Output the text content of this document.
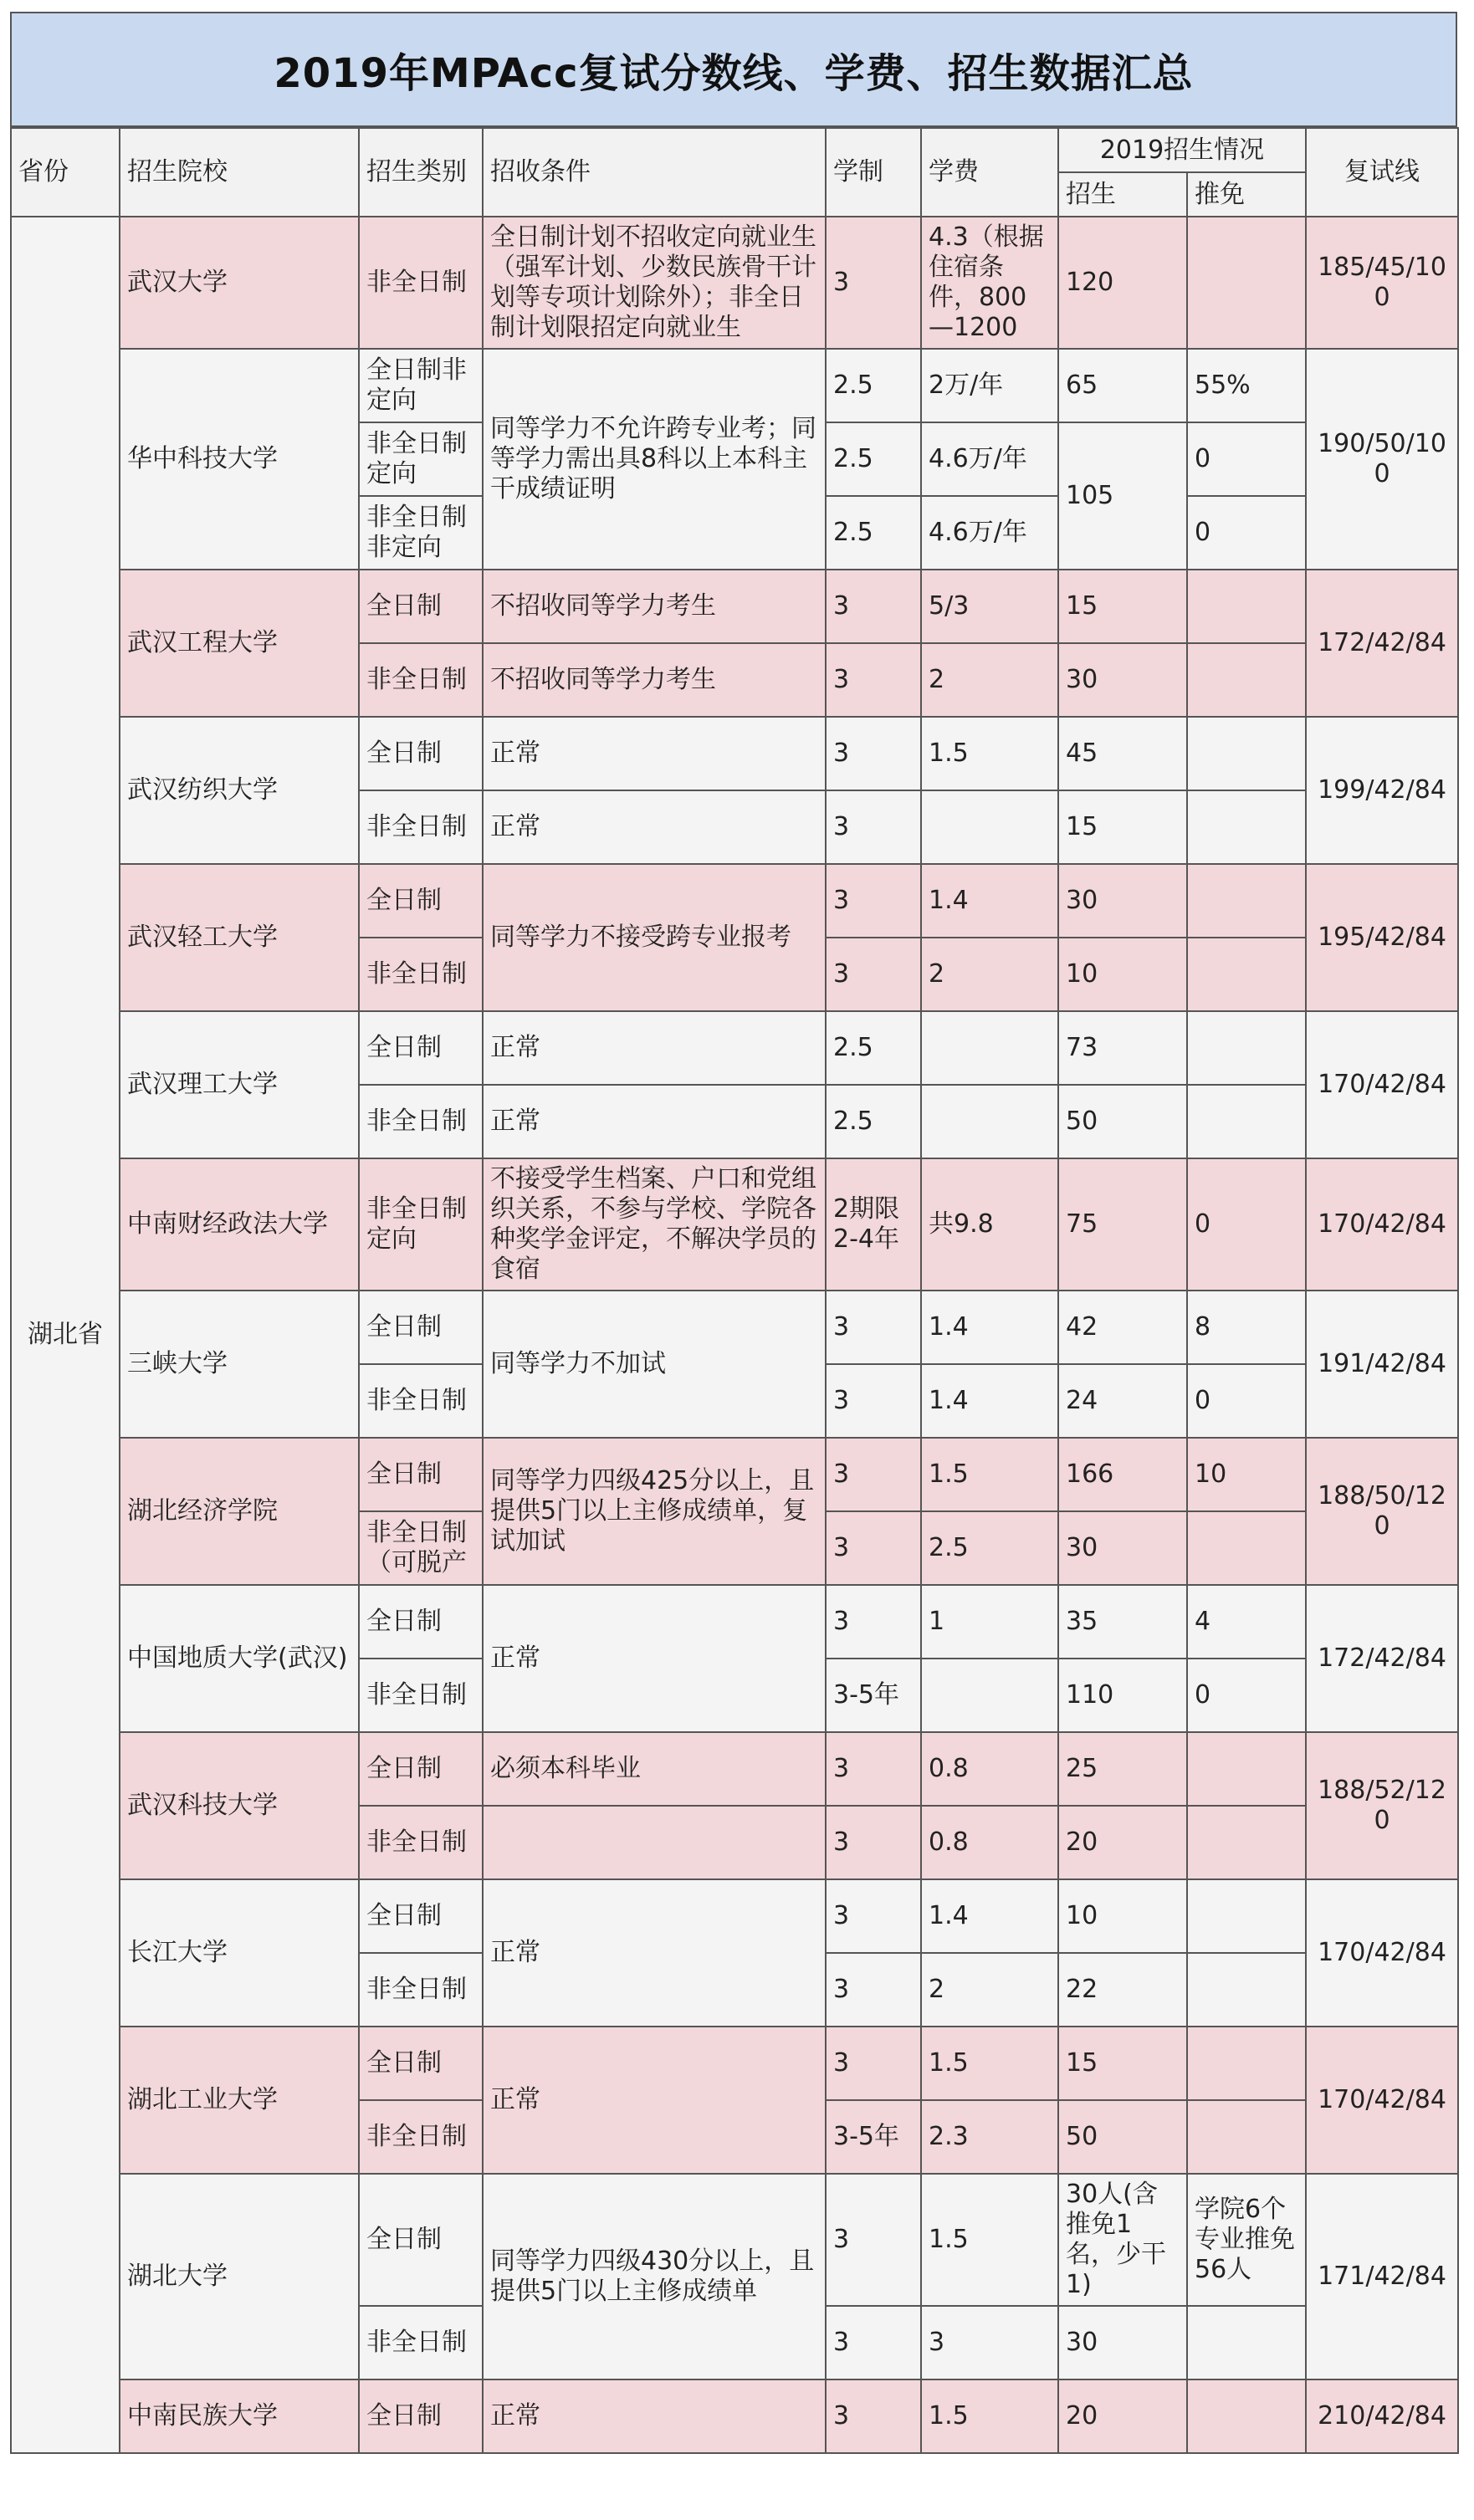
2019年MPAcc复试分数线、学费、招生数据汇总
省份	招生院校	招生类别	招收条件	学制	学费	2019招生情况		复试线
						招生	推免	
湖北省	武汉大学	非全日制	全日制计划不招收定向就业生（强军计划、少数民族骨干计划等专项计划除外）；非全日制计划限招定向就业生	3	4.3（根据住宿条件，800—1200	120		185/45/100
	华中科技大学	全日制非定向	同等学力不允许跨专业考；同等学力需出具8科以上本科主干成绩证明	2.5	2万/年	65	55%	190/50/100
		非全日制定向		2.5	4.6万/年	105	0	
		非全日制非定向		2.5	4.6万/年		0	
	武汉工程大学	全日制	不招收同等学力考生	3	5/3	15		172/42/84
		非全日制	不招收同等学力考生	3	2	30		
	武汉纺织大学	全日制	正常	3	1.5	45		199/42/84
		非全日制	正常	3		15		
	武汉轻工大学	全日制	同等学力不接受跨专业报考	3	1.4	30		195/42/84
		非全日制		3	2	10		
	武汉理工大学	全日制	正常	2.5		73		170/42/84
		非全日制	正常	2.5		50		
	中南财经政法大学	非全日制定向	不接受学生档案、户口和党组织关系，不参与学校、学院各种奖学金评定，不解决学员的食宿	2期限2-4年	共9.8	75	0	170/42/84
	三峡大学	全日制	同等学力不加试	3	1.4	42	8	191/42/84
		非全日制		3	1.4	24	0	
	湖北经济学院	全日制	同等学力四级425分以上，且提供5门以上主修成绩单，复试加试	3	1.5	166	10	188/50/120
		非全日制（可脱产		3	2.5	30		
	中国地质大学(武汉)	全日制	正常	3	1	35	4	172/42/84
		非全日制		3-5年		110	0	
	武汉科技大学	全日制	必须本科毕业	3	0.8	25		188/52/120
		非全日制		3	0.8	20		
	长江大学	全日制	正常	3	1.4	10		170/42/84
		非全日制		3	2	22		
	湖北工业大学	全日制	正常	3	1.5	15		170/42/84
		非全日制		3-5年	2.3	50		
	湖北大学	全日制	同等学力四级430分以上，且提供5门以上主修成绩单	3	1.5	30人(含推免1名，少干1)	学院6个专业推免56人	171/42/84
		非全日制		3	3	30		
	中南民族大学	全日制	正常	3	1.5	20		210/42/84
